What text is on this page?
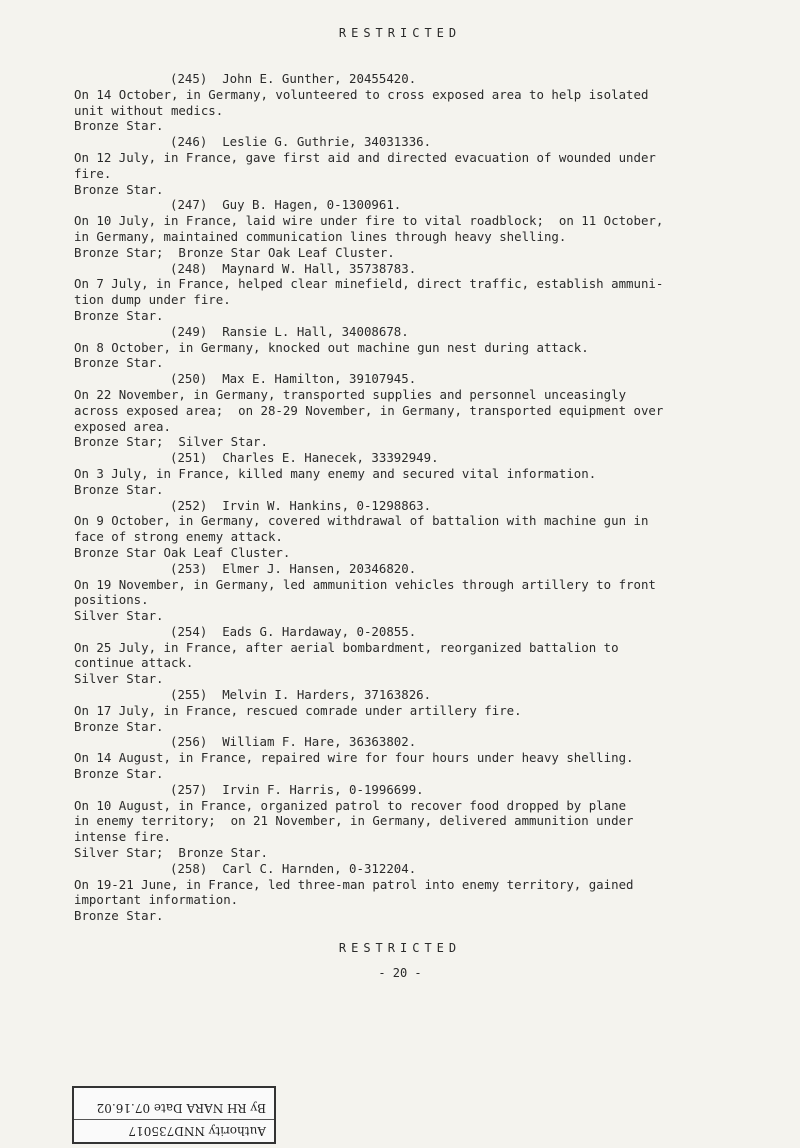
RESTRICTED
(245)  John E. Gunther, 20455420.
On 14 October, in Germany, volunteered to cross exposed area to help isolated
unit without medics.
Bronze Star.
(246)  Leslie G. Guthrie, 34031336.
On 12 July, in France, gave first aid and directed evacuation of wounded under
fire.
Bronze Star.
(247)  Guy B. Hagen, 0-1300961.
On 10 July, in France, laid wire under fire to vital roadblock;  on 11 October,
in Germany, maintained communication lines through heavy shelling.
Bronze Star;  Bronze Star Oak Leaf Cluster.
(248)  Maynard W. Hall, 35738783.
On 7 July, in France, helped clear minefield, direct traffic, establish ammuni-
tion dump under fire.
Bronze Star.
(249)  Ransie L. Hall, 34008678.
On 8 October, in Germany, knocked out machine gun nest during attack.
Bronze Star.
(250)  Max E. Hamilton, 39107945.
On 22 November, in Germany, transported supplies and personnel unceasingly
across exposed area;  on 28-29 November, in Germany, transported equipment over
exposed area.
Bronze Star;  Silver Star.
(251)  Charles E. Hanecek, 33392949.
On 3 July, in France, killed many enemy and secured vital information.
Bronze Star.
(252)  Irvin W. Hankins, 0-1298863.
On 9 October, in Germany, covered withdrawal of battalion with machine gun in
face of strong enemy attack.
Bronze Star Oak Leaf Cluster.
(253)  Elmer J. Hansen, 20346820.
On 19 November, in Germany, led ammunition vehicles through artillery to front
positions.
Silver Star.
(254)  Eads G. Hardaway, 0-20855.
On 25 July, in France, after aerial bombardment, reorganized battalion to
continue attack.
Silver Star.
(255)  Melvin I. Harders, 37163826.
On 17 July, in France, rescued comrade under artillery fire.
Bronze Star.
(256)  William F. Hare, 36363802.
On 14 August, in France, repaired wire for four hours under heavy shelling.
Bronze Star.
(257)  Irvin F. Harris, 0-1996699.
On 10 August, in France, organized patrol to recover food dropped by plane
in enemy territory;  on 21 November, in Germany, delivered ammunition under
intense fire.
Silver Star;  Bronze Star.
(258)  Carl C. Harnden, 0-312204.
On 19-21 June, in France, led three-man patrol into enemy territory, gained
important information.
Bronze Star.
RESTRICTED
- 20 -
Authority NND735017
By RH NARA Date 07.16.02
